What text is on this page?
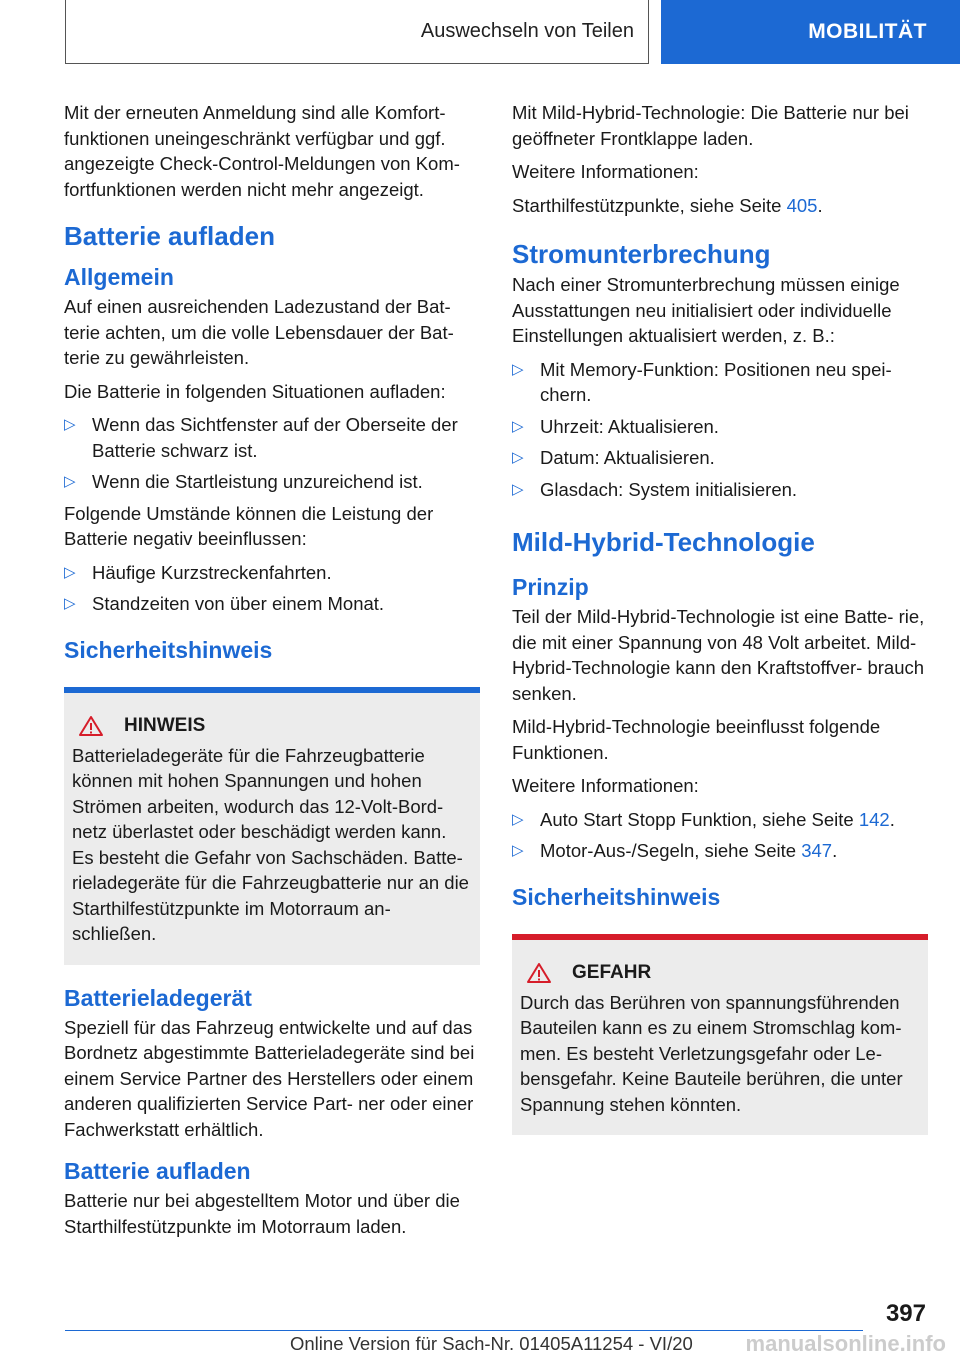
Auswechseln von Teilen	MOBILITÄT

Mit der erneuten Anmeldung sind alle Komfort- funktionen uneingeschränkt verfügbar und ggf. angezeigte Check-Control-Meldungen von Kom- fortfunktionen werden nicht mehr angezeigt.

Batterie aufladen
Allgemein

Auf einen ausreichenden Ladezustand der Bat- terie achten, um die volle Lebensdauer der Bat- terie zu gewährleisten.

Die Batterie in folgenden Situationen aufladen:

▷ Wenn das Sichtfenster auf der Oberseite der Batterie schwarz ist.
▷ Wenn die Startleistung unzureichend ist.

Folgende Umstände können die Leistung der Batterie negativ beeinflussen:

▷ Häufige Kurzstreckenfahrten.
▷ Standzeiten von über einem Monat.
Sicherheitshinweis
HINWEIS

Batterieladegeräte für die Fahrzeugbatterie können mit hohen Spannungen und hohen Strömen arbeiten, wodurch das 12-Volt-Bord- netz überlastet oder beschädigt werden kann. Es besteht die Gefahr von Sachschäden. Batte- rieladegeräte für die Fahrzeugbatterie nur an die Starthilfestützpunkte im Motorraum an- schließen.

Batterieladegerät

Speziell für das Fahrzeug entwickelte und auf das Bordnetz abgestimmte Batterieladegeräte sind bei einem Service Partner des Herstellers oder einem anderen qualifizierten Service Part- ner oder einer Fachwerkstatt erhältlich.

Batterie aufladen

Batterie nur bei abgestelltem Motor und über die Starthilfestützpunkte im Motorraum laden.

Mit Mild-Hybrid-Technologie: Die Batterie nur bei geöffneter Frontklappe laden.

Weitere Informationen:

Starthilfestützpunkte, siehe Seite 405.

Stromunterbrechung

Nach einer Stromunterbrechung müssen einige Ausstattungen neu initialisiert oder individuelle Einstellungen aktualisiert werden, z. B.:

▷ Mit Memory-Funktion: Positionen neu spei- chern.
▷ Uhrzeit: Aktualisieren.
▷ Datum: Aktualisieren.
▷ Glasdach: System initialisieren.
Mild-Hybrid-Technologie
Prinzip

Teil der Mild-Hybrid-Technologie ist eine Batte- rie, die mit einer Spannung von 48 Volt arbeitet. Mild-Hybrid-Technologie kann den Kraftstoffver- brauch senken.

Mild-Hybrid-Technologie beeinflusst folgende Funktionen.

Weitere Informationen:

▷ Auto Start Stopp Funktion, siehe Seite 142.
▷ Motor-Aus-/Segeln, siehe Seite 347.
Sicherheitshinweis
GEFAHR

Durch das Berühren von spannungsführenden Bauteilen kann es zu einem Stromschlag kom- men. Es besteht Verletzungsgefahr oder Le- bensgefahr. Keine Bauteile berühren, die unter Spannung stehen könnten.

397
Online Version für Sach-Nr. 01405A11254 - VI/20 manualsonline.info
